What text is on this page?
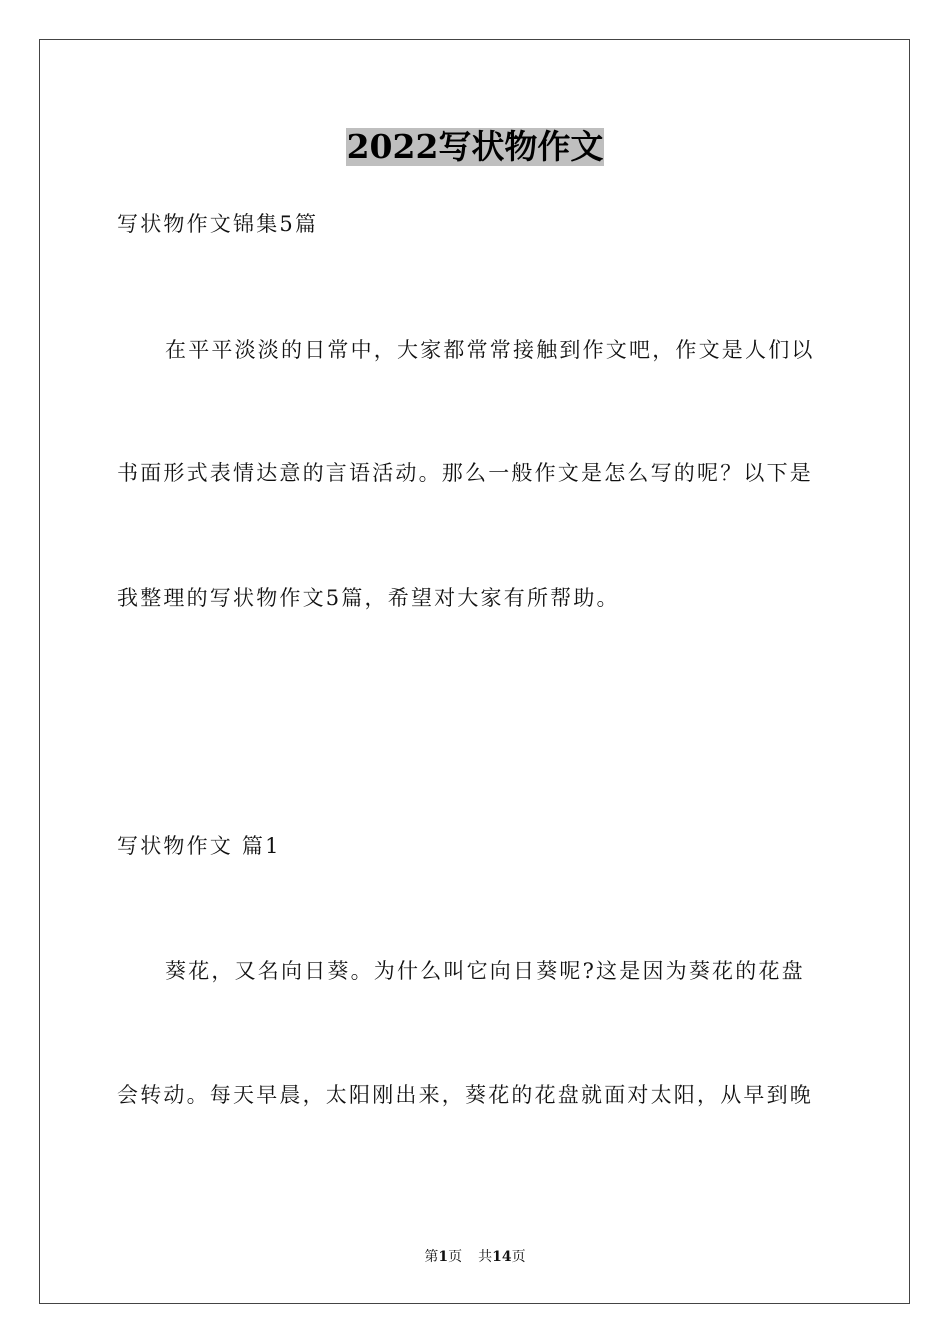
2022写状物作文
写状物作文锦集5篇
在平平淡淡的日常中，大家都常常接触到作文吧，作文是人们以
书面形式表情达意的言语活动。那么一般作文是怎么写的呢？以下是
我整理的写状物作文5篇，希望对大家有所帮助。
写状物作文 篇1
葵花，又名向日葵。为什么叫它向日葵呢?这是因为葵花的花盘
会转动。每天早晨，太阳刚出来，葵花的花盘就面对太阳，从早到晚
第1页 共14页
